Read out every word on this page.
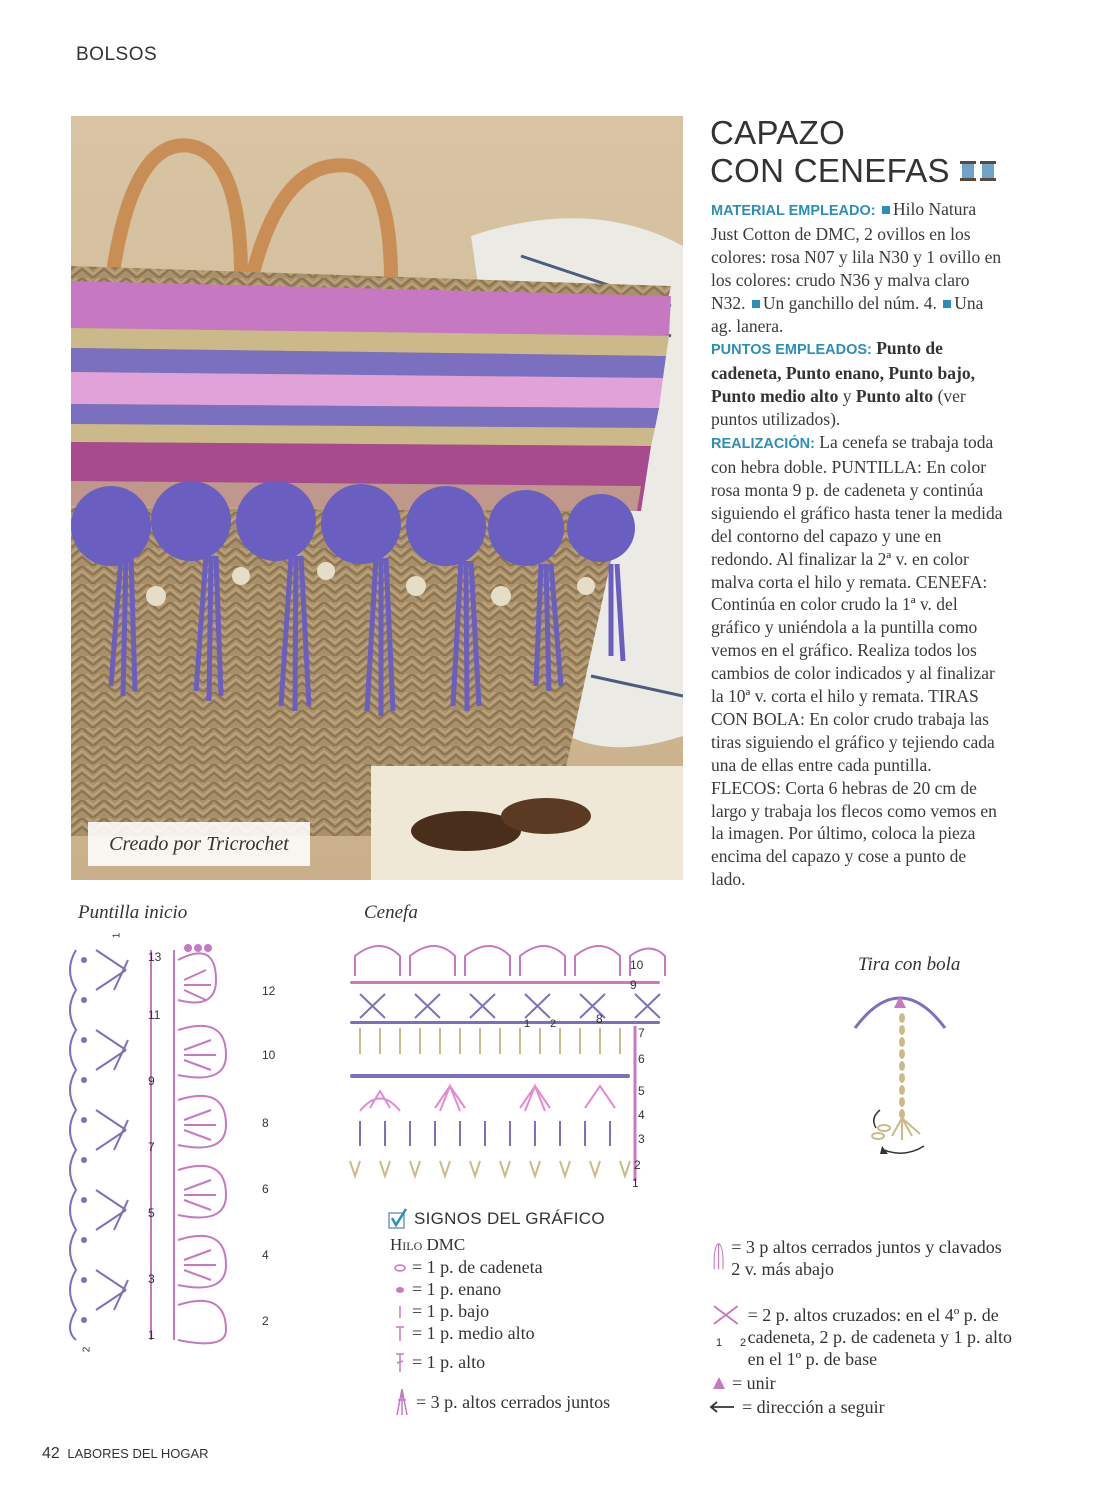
BOLSOS
Creado por Tricrochet
CAPAZO
CON CENEFAS

MATERIAL EMPLEADO: Hilo Natura Just Cotton de DMC, 2 ovillos en los colores: rosa N07 y lila N30 y 1 ovillo en los colores: crudo N36 y malva claro N32. Un ganchillo del núm. 4. Una ag. lanera.

PUNTOS EMPLEADOS: Punto de cadeneta, Punto enano, Punto bajo, Punto medio alto y Punto alto (ver puntos utilizados).

REALIZACIÓN: La cenefa se trabaja toda con hebra doble. PUNTILLA: En color rosa monta 9 p. de cadeneta y continúa siguiendo el gráfico hasta tener la medida del contorno del capazo y une en redondo. Al finalizar la 2ª v. en color malva corta el hilo y remata. CENEFA: Continúa en color crudo la 1ª v. del gráfico y uniéndola a la puntilla como vemos en el gráfico. Realiza todos los cambios de color indicados y al finalizar la 10ª v. corta el hilo y remata. TIRAS CON BOLA: En color crudo trabaja las tiras siguiendo el gráfico y tejiendo cada una de ellas entre cada puntilla. FLECOS: Corta 6 hebras de 20 cm de largo y trabaja los flecos como vemos en la imagen. Por último, coloca la pieza encima del capazo y cose a punto de lado.

Puntilla inicio	Cenefa
Tira con bola
13
11
9
7
5
3
1
12
10
8
6
4
2
1
2
10
9
8
7
6
5
4
3
2
1
1 2
SIGNOS DEL GRÁFICO
Hilo DMC
= 1 p. de cadeneta
= 1 p. enano
= 1 p. bajo
= 1 p. medio alto
= 1 p. alto
= 3 p. altos cerrados juntos
= 3 p altos cerrados juntos y clavados 2 v. más abajo
= 2 p. altos cruzados: en el 4º p. de cadeneta, 2 p. de cadeneta y 1 p. alto en el 1º p. de base
1 2
= unir
= dirección a seguir
42 LABORES DEL HOGAR
